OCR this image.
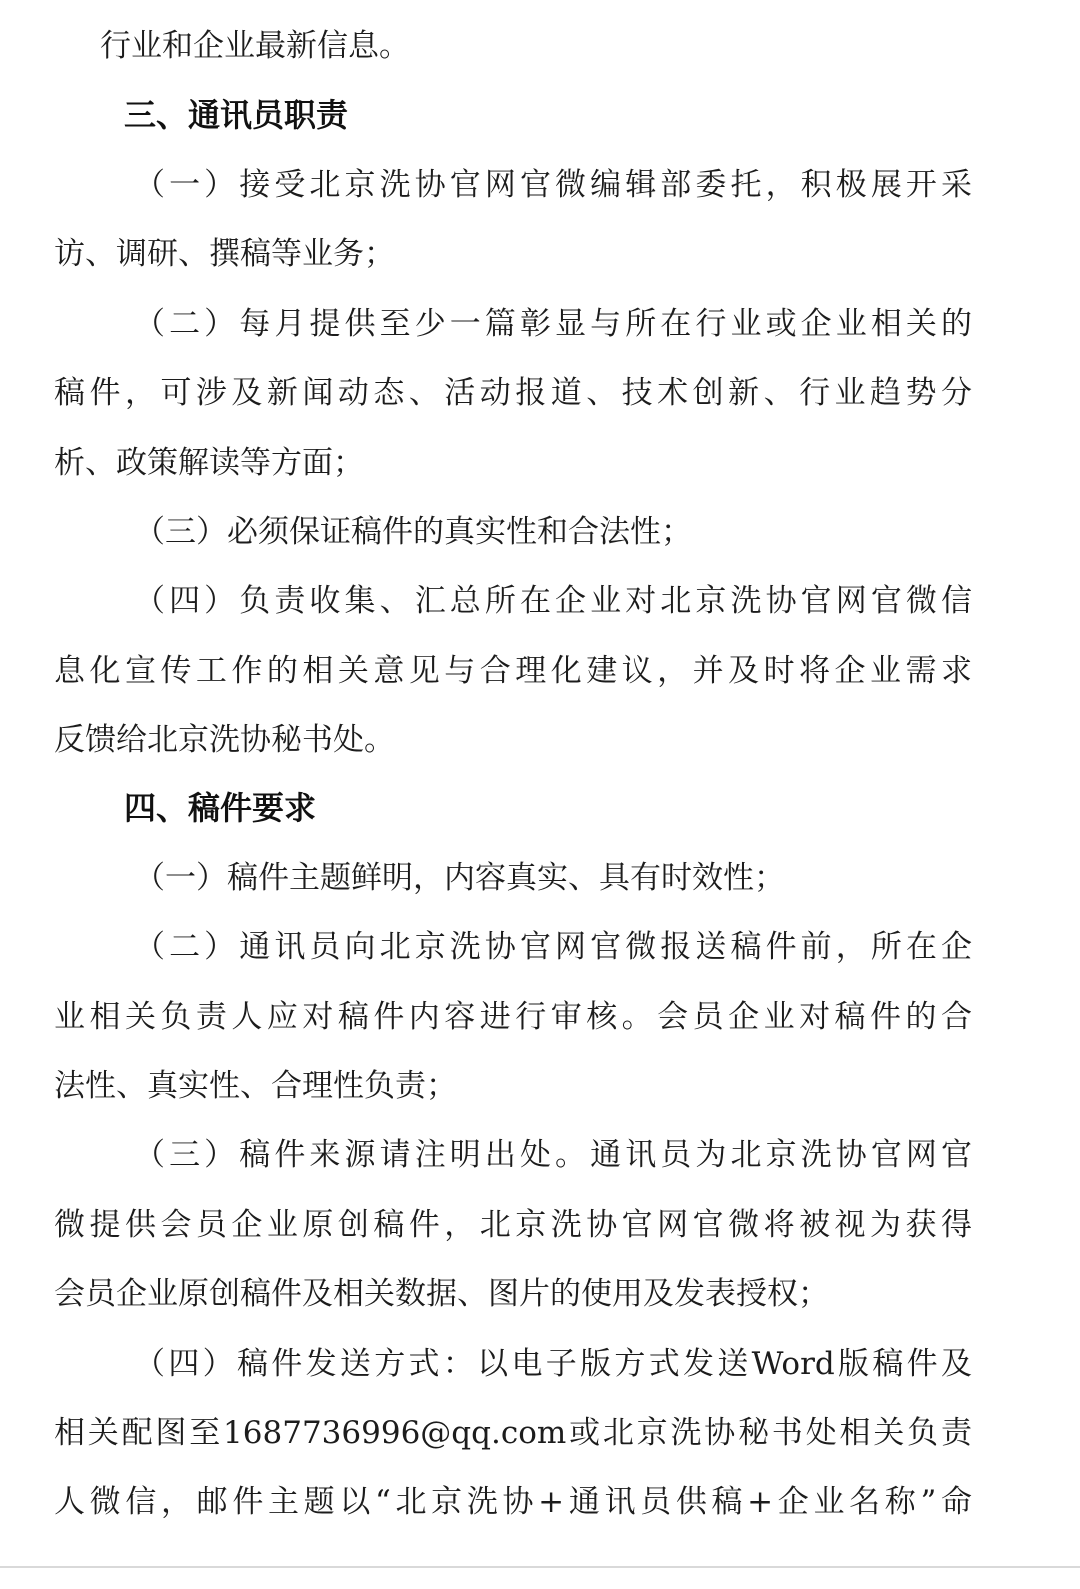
行业和企业最新信息。
三、通讯员职责
（一）接受北京洗协官网官微编辑部委托，积极展开采
访、调研、撰稿等业务；
（二）每月提供至少一篇彰显与所在行业或企业相关的
稿件，可涉及新闻动态、活动报道、技术创新、行业趋势分
析、政策解读等方面；
（三）必须保证稿件的真实性和合法性；
（四）负责收集、汇总所在企业对北京洗协官网官微信
息化宣传工作的相关意见与合理化建议，并及时将企业需求
反馈给北京洗协秘书处。
四、稿件要求
（一）稿件主题鲜明，内容真实、具有时效性；
（二）通讯员向北京洗协官网官微报送稿件前，所在企
业相关负责人应对稿件内容进行审核。会员企业对稿件的合
法性、真实性、合理性负责；
（三）稿件来源请注明出处。通讯员为北京洗协官网官
微提供会员企业原创稿件，北京洗协官网官微将被视为获得
会员企业原创稿件及相关数据、图片的使用及发表授权；
（四）稿件发送方式：以电子版方式发送Word版稿件及
相关配图至1687736996@qq.com或北京洗协秘书处相关负责
人微信，邮件主题以“北京洗协+通讯员供稿+企业名称”命
